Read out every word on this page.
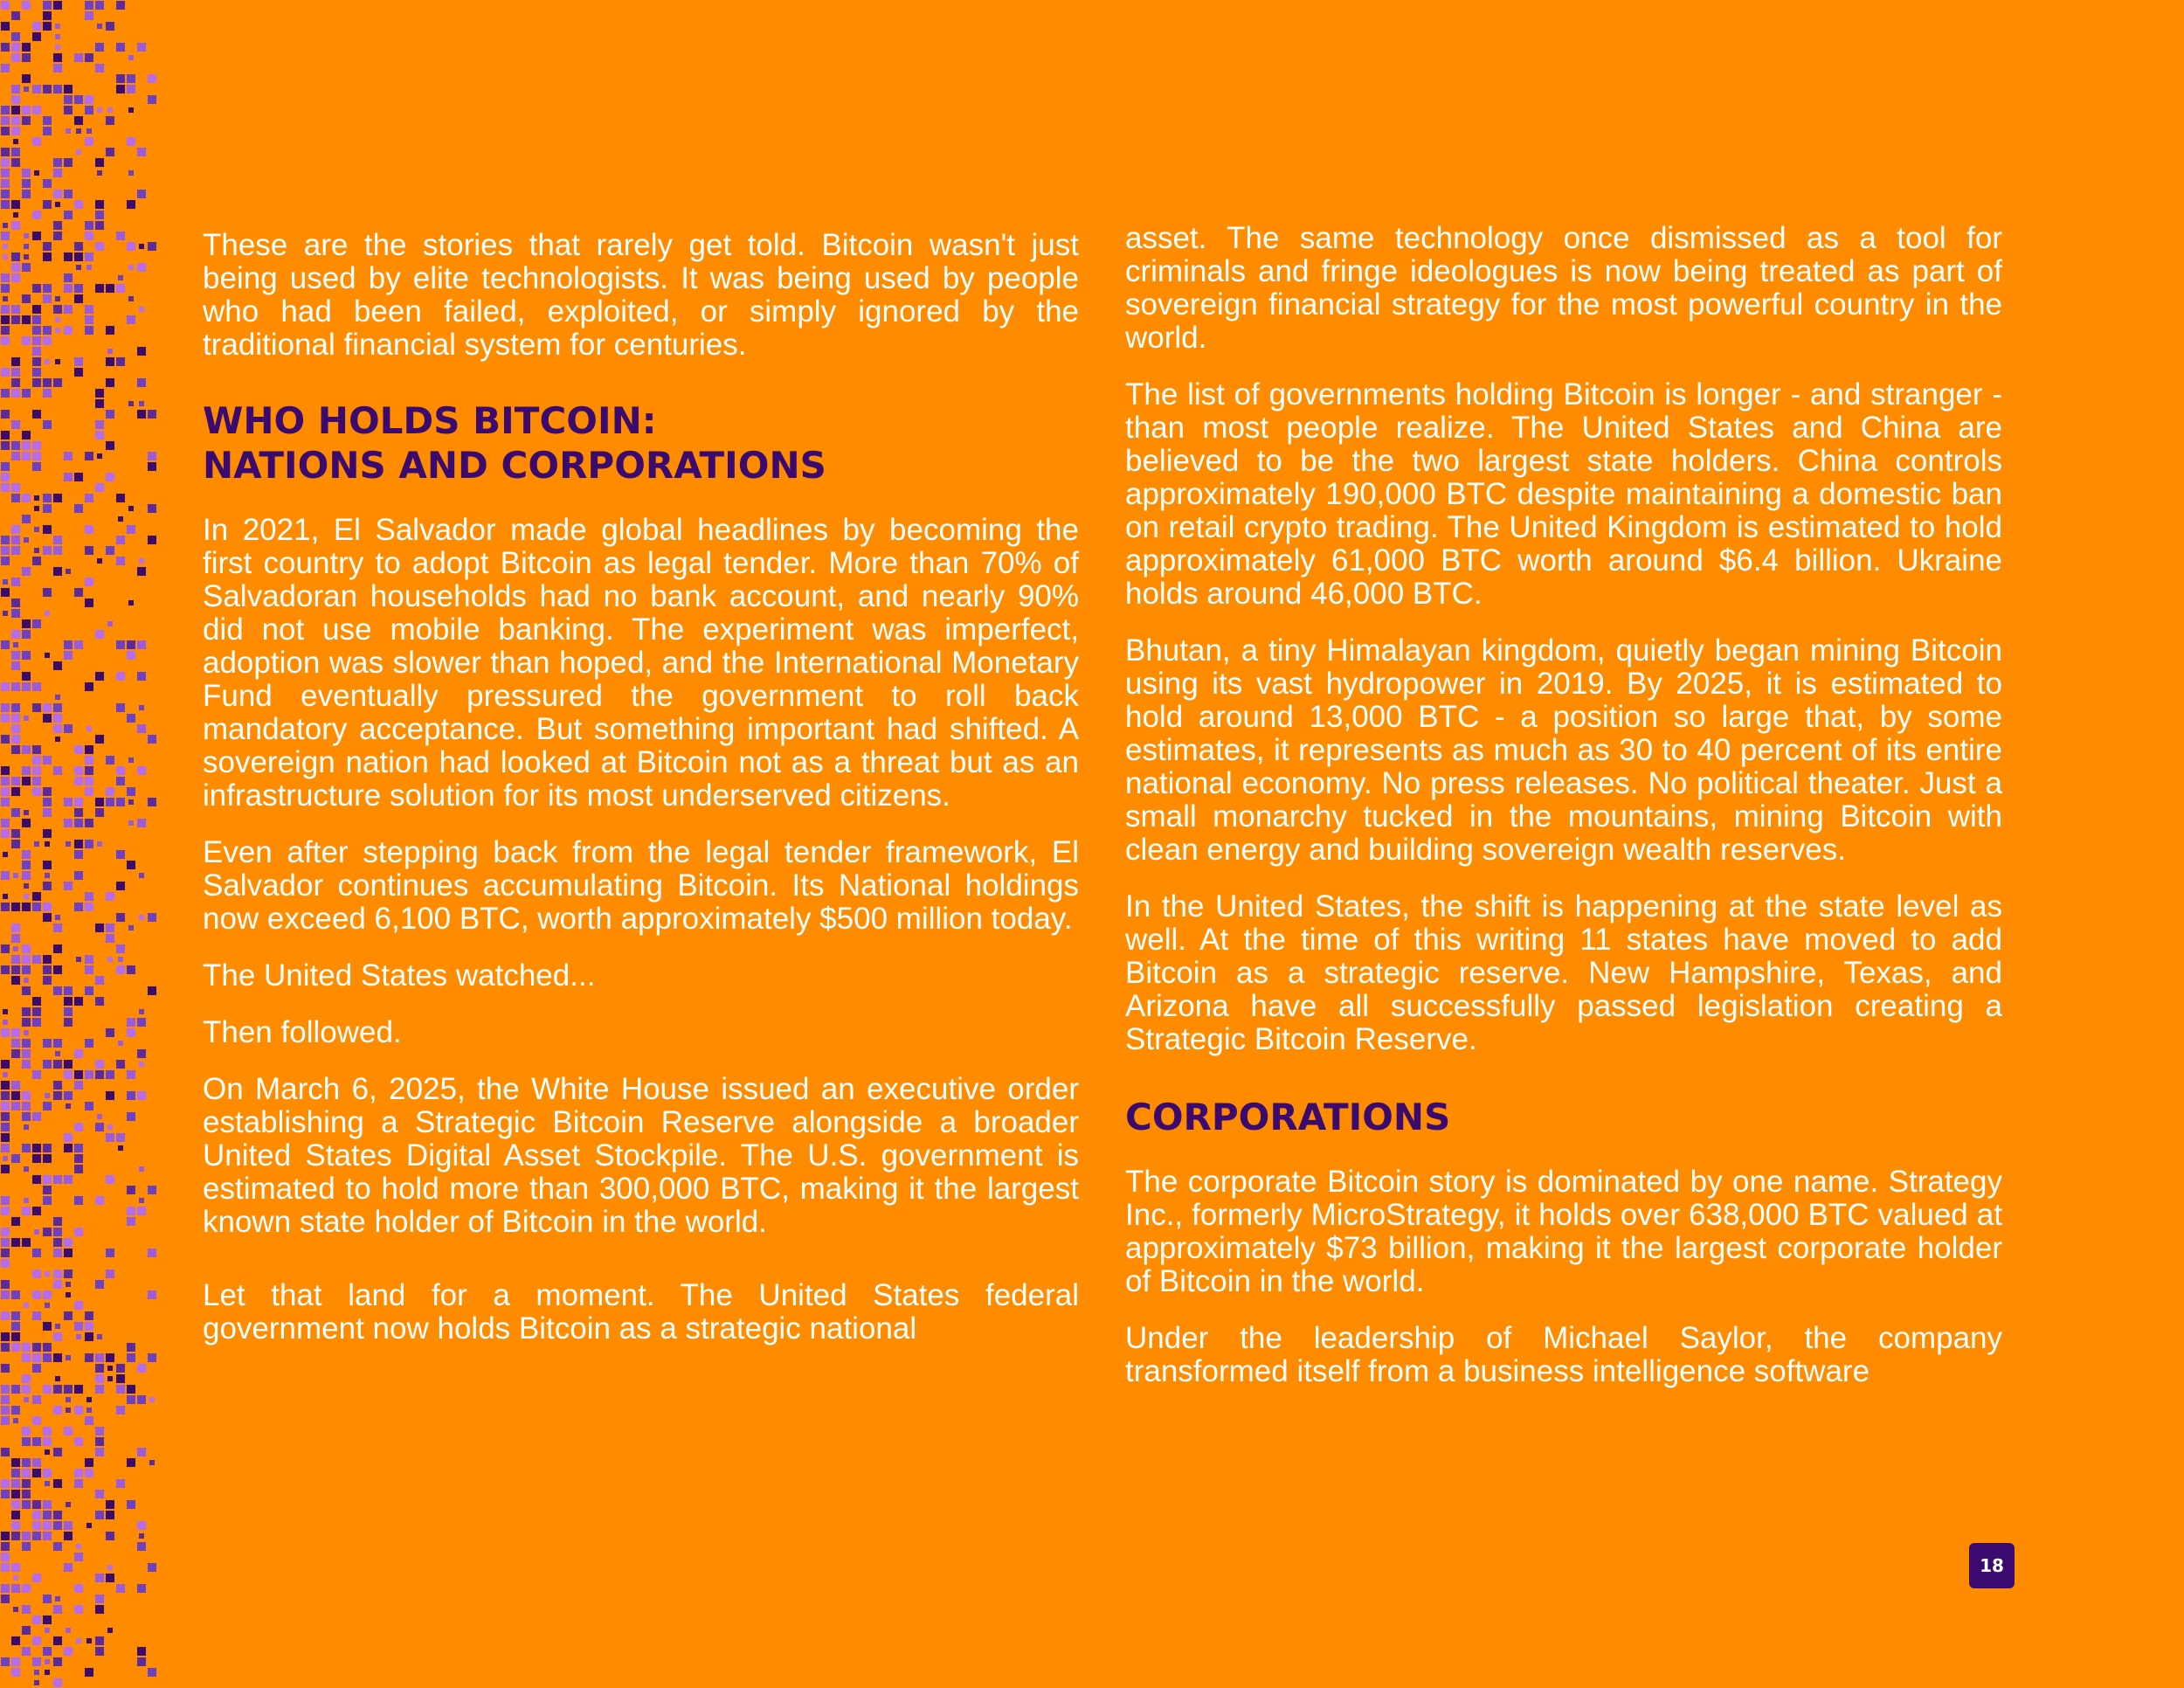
These are the stories that rarely get told. Bitcoin wasn't just being used by elite technologists. It was being used by people who had been failed, exploited, or simply ignored by the traditional financial system for centuries.

WHO HOLDS BITCOIN:
NATIONS AND CORPORATIONS

In 2021, El Salvador made global headlines by becoming the first country to adopt Bitcoin as legal tender. More than 70% of Salvadoran households had no bank account, and nearly 90% did not use mobile banking. The experiment was imperfect, adoption was slower than hoped, and the International Monetary Fund eventually pressured the government to roll back mandatory acceptance. But something important had shifted. A sovereign nation had looked at Bitcoin not as a threat but as an infrastructure solution for its most underserved citizens.

Even after stepping back from the legal tender framework, El Salvador continues accumulating Bitcoin. Its National holdings now exceed 6,100 BTC, worth approximately $500 million today.

The United States watched...

Then followed.

On March 6, 2025, the White House issued an executive order establishing a Strategic Bitcoin Reserve alongside a broader United States Digital Asset Stockpile. The U.S. government is estimated to hold more than 300,000 BTC, making it the largest known state holder of Bitcoin in the world.

Let that land for a moment. The United States federal government now holds Bitcoin as a strategic national

asset. The same technology once dismissed as a tool for criminals and fringe ideologues is now being treated as part of sovereign financial strategy for the most powerful country in the world.

The list of governments holding Bitcoin is longer - and stranger - than most people realize. The United States and China are believed to be the two largest state holders. China controls approximately 190,000 BTC despite maintaining a domestic ban on retail crypto trading. The United Kingdom is estimated to hold approximately 61,000 BTC worth around $6.4 billion. Ukraine holds around 46,000 BTC.

Bhutan, a tiny Himalayan kingdom, quietly began mining Bitcoin using its vast hydropower in 2019. By 2025, it is estimated to hold around 13,000 BTC - a position so large that, by some estimates, it represents as much as 30 to 40 percent of its entire national economy. No press releases. No political theater. Just a small monarchy tucked in the mountains, mining Bitcoin with clean energy and building sovereign wealth reserves.

In the United States, the shift is happening at the state level as well. At the time of this writing 11 states have moved to add Bitcoin as a strategic reserve. New Hampshire, Texas, and Arizona have all successfully passed legislation creating a Strategic Bitcoin Reserve.

CORPORATIONS

The corporate Bitcoin story is dominated by one name. Strategy Inc., formerly MicroStrategy, it holds over 638,000 BTC valued at approximately $73 billion, making it the largest corporate holder of Bitcoin in the world.

Under the leadership of Michael Saylor, the company transformed itself from a business intelligence software

18
